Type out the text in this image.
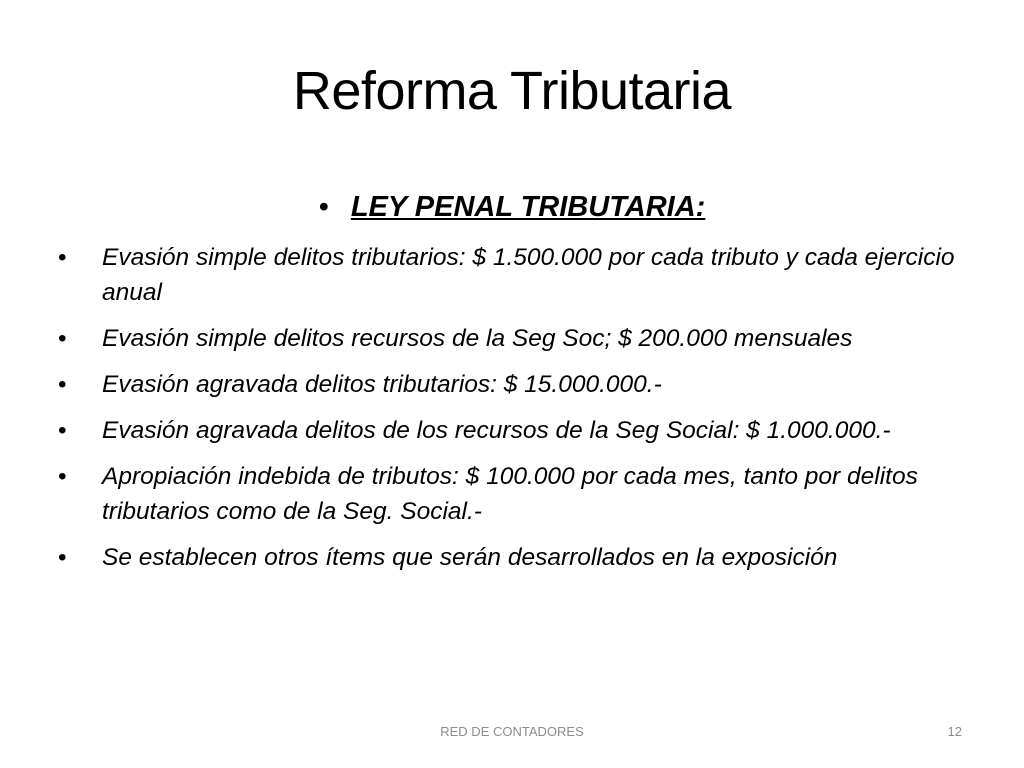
Reforma Tributaria
• LEY PENAL TRIBUTARIA:
• Evasión simple delitos tributarios: $ 1.500.000 por cada tributo y cada ejercicio anual
• Evasión simple delitos recursos de la Seg Soc; $ 200.000 mensuales
• Evasión agravada delitos tributarios: $ 15.000.000.-
• Evasión agravada delitos de los recursos de la Seg Social: $ 1.000.000.-
• Apropiación indebida de tributos: $ 100.000 por cada mes, tanto por delitos tributarios como de la Seg. Social.-
• Se establecen otros ítems que serán desarrollados en la exposición
RED DE CONTADORES	12
